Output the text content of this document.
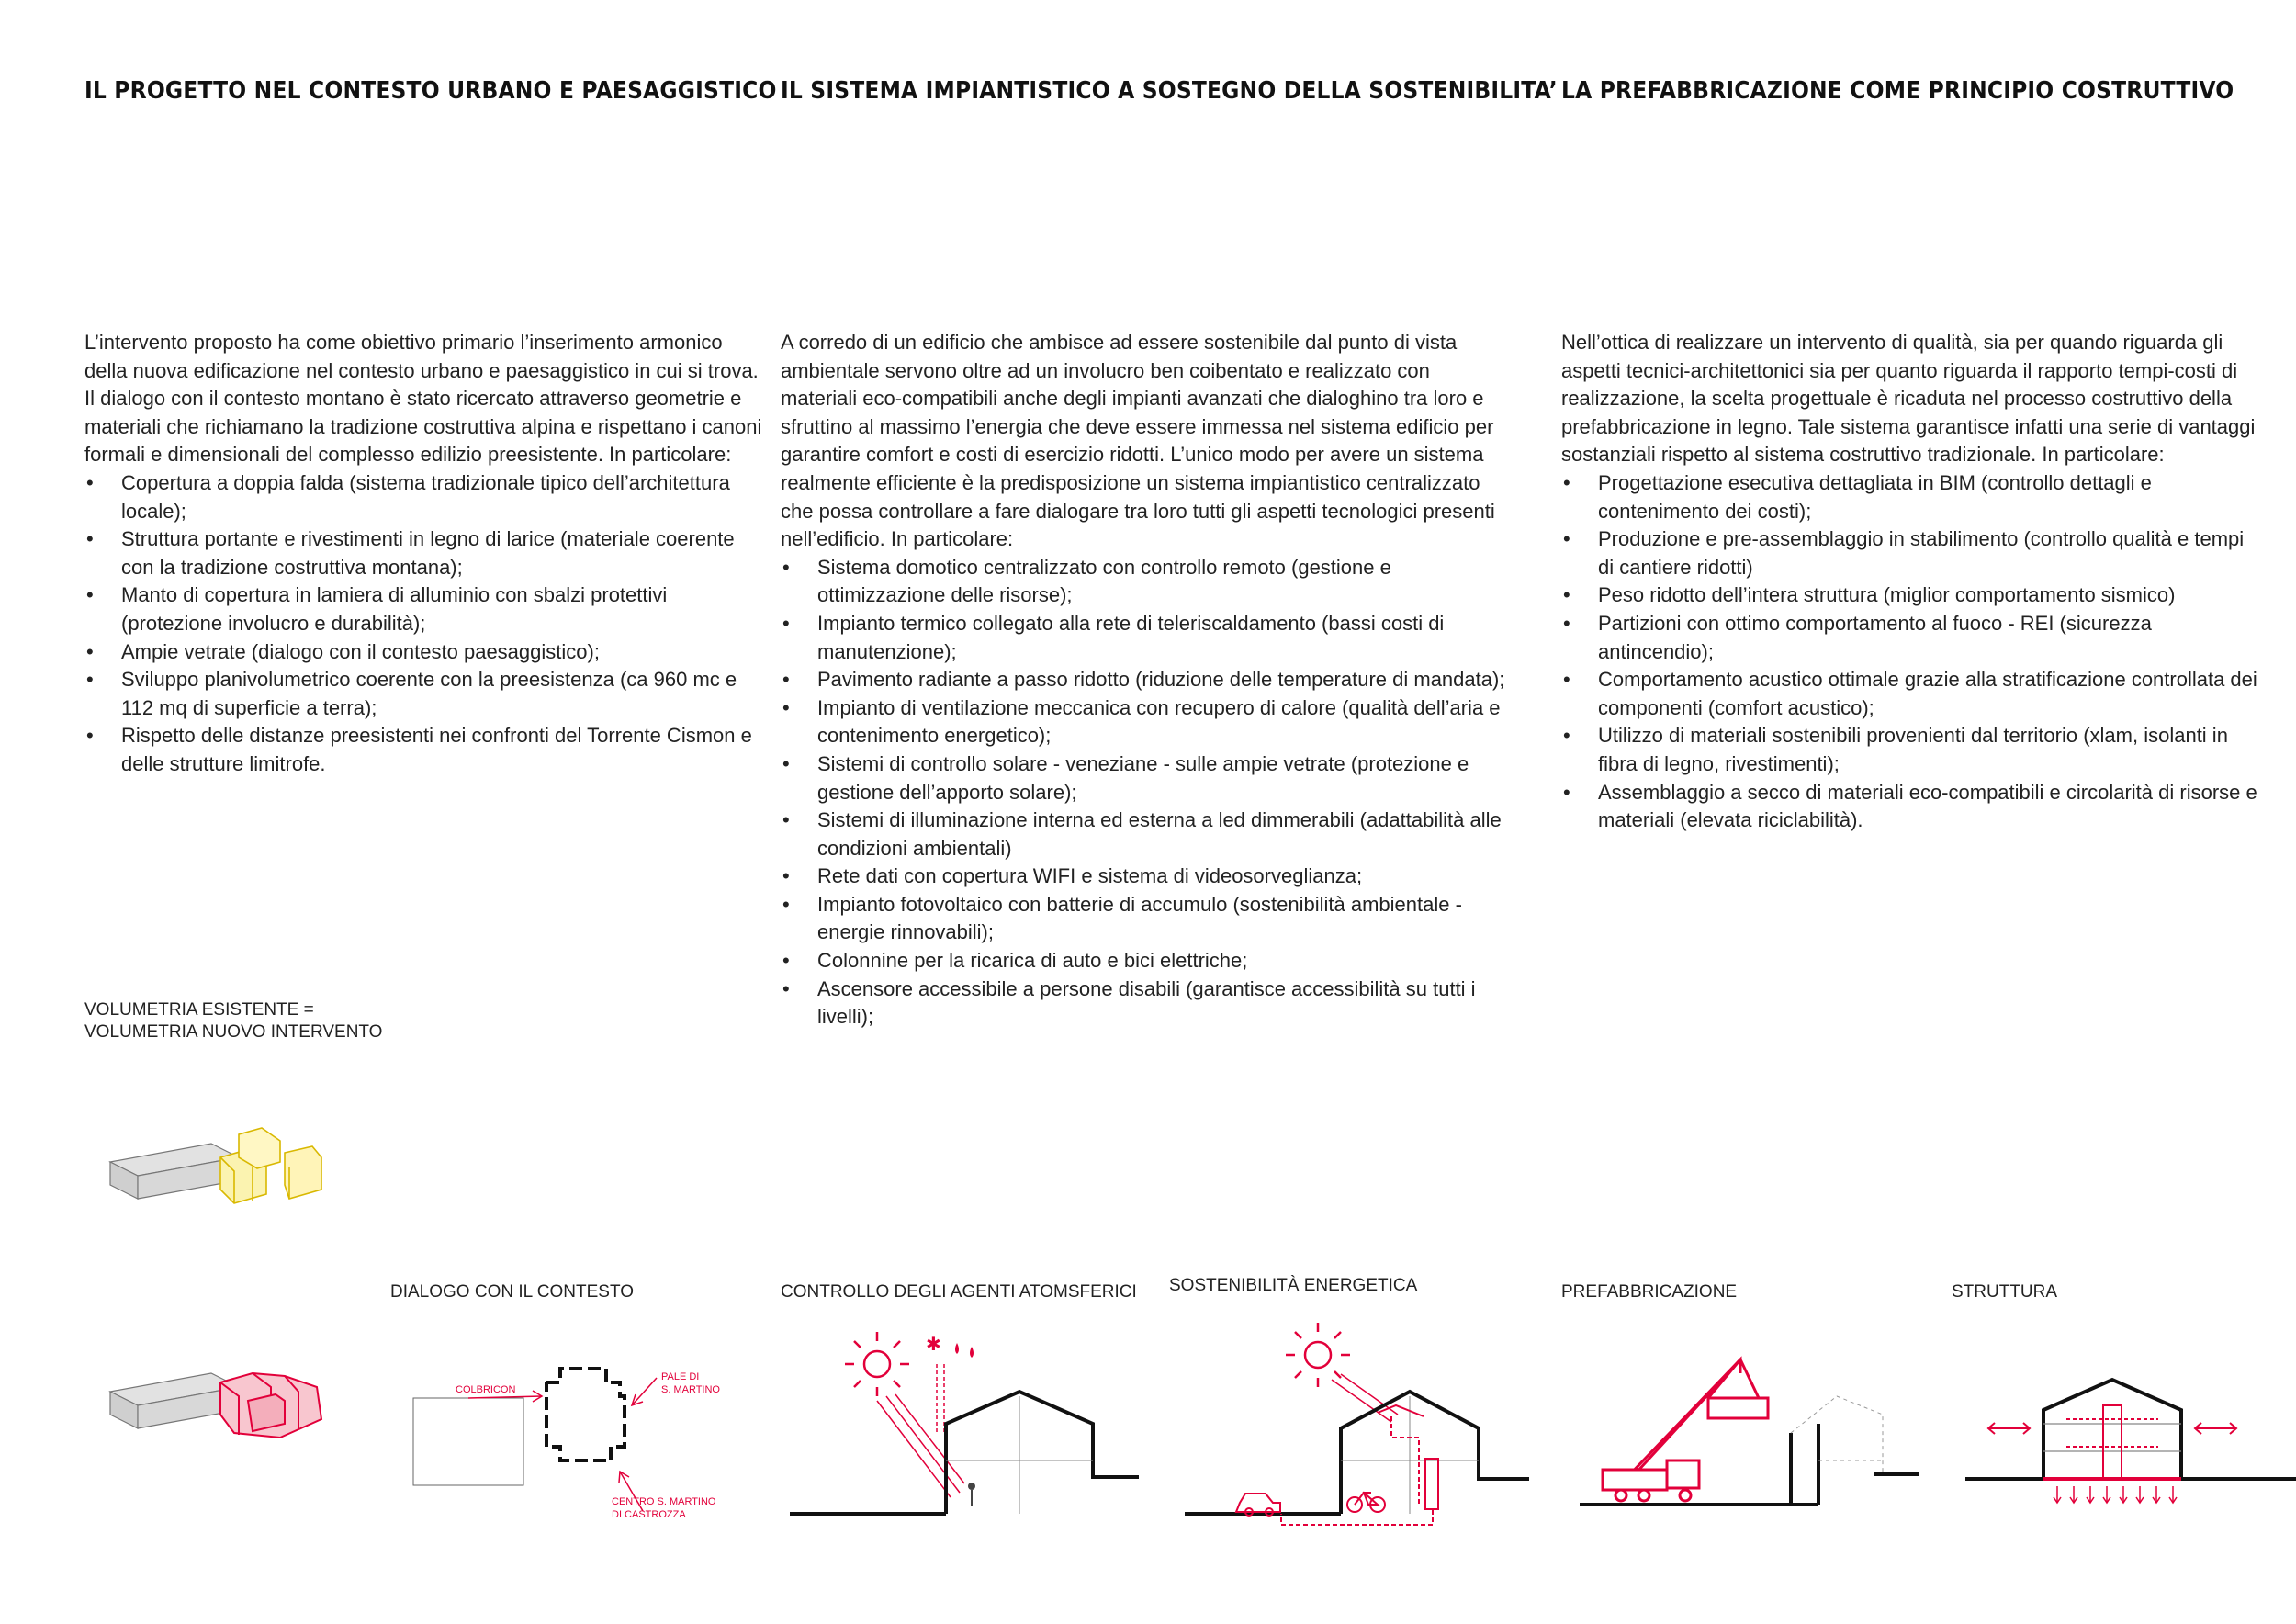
IL PROGETTO NEL CONTESTO URBANO E PAESAGGISTICO

L’intervento proposto ha come obiettivo primario l’inserimento armonico della nuova edificazione nel contesto urbano e paesaggistico in cui si trova. Il dialogo con il contesto montano è stato ricercato attraverso geometrie e materiali che richiamano la tradizione costruttiva alpina e rispettano i canoni formali e dimensionali del complesso edilizio preesistente. In particolare:

• Copertura a doppia falda (sistema tradizionale tipico dell’architettura locale);
• Struttura portante e rivestimenti in legno di larice (materiale coerente con la tradizione costruttiva montana);
• Manto di copertura in lamiera di alluminio con sbalzi protettivi (protezione involucro e durabilità);
• Ampie vetrate (dialogo con il contesto paesaggistico);
• Sviluppo planivolumetrico coerente con la preesistenza (ca 960 mc e 112 mq di superficie a terra);
• Rispetto delle distanze preesistenti nei confronti del Torrente Cismon e delle strutture limitrofe.
IL SISTEMA IMPIANTISTICO A SOSTEGNO DELLA SOSTENIBILITA’

A corredo di un edificio che ambisce ad essere sostenibile dal punto di vista ambientale servono oltre ad un involucro ben coibentato e realizzato con materiali eco-compatibili anche degli impianti avanzati che dialoghino tra loro e sfruttino al massimo l’energia che deve essere immessa nel sistema edificio per garantire comfort e costi di esercizio ridotti. L’unico modo per avere un sistema realmente efficiente è la predisposizione un sistema impiantistico centralizzato che possa controllare a fare dialogare tra loro tutti gli aspetti tecnologici presenti nell’edificio. In particolare:

• Sistema domotico centralizzato con controllo remoto (gestione e ottimizzazione delle risorse);
• Impianto termico collegato alla rete di teleriscaldamento (bassi costi di manutenzione);
• Pavimento radiante a passo ridotto (riduzione delle temperature di mandata);
• Impianto di ventilazione meccanica con recupero di calore (qualità dell’aria e contenimento energetico);
• Sistemi di controllo solare - veneziane - sulle ampie vetrate (protezione e gestione dell’apporto solare);
• Sistemi di illuminazione interna ed esterna a led dimmerabili (adattabilità alle condizioni ambientali)
• Rete dati con copertura WIFI e sistema di videosorveglianza;
• Impianto fotovoltaico con batterie di accumulo (sostenibilità ambientale - energie rinnovabili);
• Colonnine per la ricarica di auto e bici elettriche;
• Ascensore accessibile a persone disabili (garantisce accessibilità su tutti i livelli);
LA PREFABBRICAZIONE COME PRINCIPIO COSTRUTTIVO

Nell’ottica di realizzare un intervento di qualità, sia per quando riguarda gli aspetti tecnici-architettonici sia per quanto riguarda il rapporto tempi-costi di realizzazione, la scelta progettuale è ricaduta nel processo costruttivo della prefabbricazione in legno. Tale sistema garantisce infatti una serie di vantaggi sostanziali rispetto al sistema costruttivo tradizionale. In particolare:

• Progettazione esecutiva dettagliata in BIM (controllo dettagli e contenimento dei costi);
• Produzione e pre-assemblaggio in stabilimento (controllo qualità e tempi di cantiere ridotti)
• Peso ridotto dell’intera struttura (miglior comportamento sismico)
• Partizioni con ottimo comportamento al fuoco - REI (sicurezza antincendio);
• Comportamento acustico ottimale grazie alla stratificazione controllata dei componenti (comfort acustico);
• Utilizzo di materiali sostenibili provenienti dal territorio (xlam, isolanti in fibra di legno, rivestimenti);
• Assemblaggio a secco di materiali eco-compatibili e circolarità di risorse e materiali (elevata riciclabilità).
VOLUMETRIA ESISTENTE =
VOLUMETRIA NUOVO INTERVENTO
DIALOGO CON IL CONTESTO	CONTROLLO DEGLI AGENTI ATOMSFERICI SOSTENIBILITÀ ENERGETICA	PREFABBRICAZIONE	STRUTTURA
COLBRICON
PALE DI
S. MARTINO
CENTRO S. MARTINO
DI CASTROZZA
✱
